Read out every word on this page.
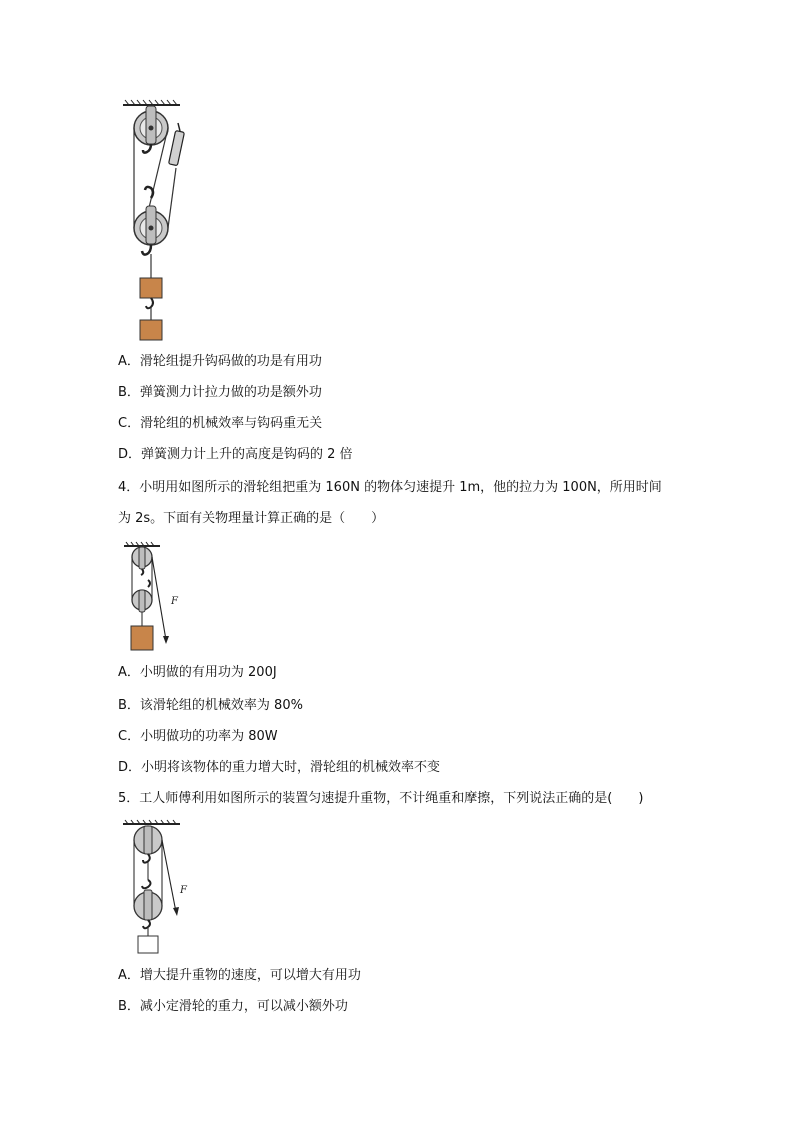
A．滑轮组提升钩码做的功是有用功
B．弹簧测力计拉力做的功是额外功
C．滑轮组的机械效率与钩码重无关
D．弹簧测力计上升的高度是钩码的 2 倍
4．小明用如图所示的滑轮组把重为 160N 的物体匀速提升 1m，他的拉力为 100N，所用时间
为 2s。下面有关物理量计算正确的是（　　）
F
A．小明做的有用功为 200J
B．该滑轮组的机械效率为 80%
C．小明做功的功率为 80W
D．小明将该物体的重力增大时，滑轮组的机械效率不变
5．工人师傅利用如图所示的装置匀速提升重物，不计绳重和摩擦，下列说法正确的是(　　)
F
A．增大提升重物的速度，可以增大有用功
B．减小定滑轮的重力，可以减小额外功
